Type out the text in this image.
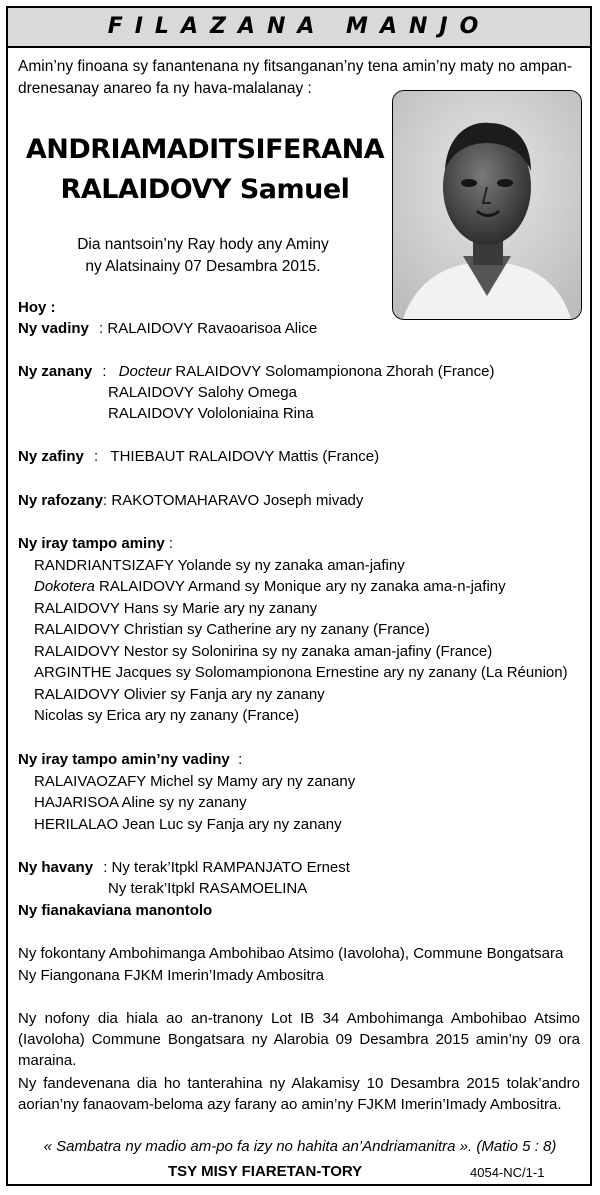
FILAZANA MANJO
Amin’ny finoana sy fanantenana ny fitsanganan’ny tena amin’ny maty no ampan-drenesanay anareo fa ny hava-malalanay :
ANDRIAMADITSIFERANA
RALAIDOVY Samuel
Dia nantsoin’ny Ray hody any Aminy
ny Alatsinainy 07 Desambra 2015.
Hoy :
Ny vadiny : RALAIDOVY Ravaoarisoa Alice
Ny zanany : Docteur RALAIDOVY Solomampionona Zhorah (France)
RALAIDOVY Salohy Omega
RALAIDOVY Vololoniaina Rina
Ny zafiny :   THIEBAUT RALAIDOVY Mattis (France)
Ny rafozany: RAKOTOMAHARAVO Joseph mivady
Ny iray tampo aminy :
RANDRIANTSIZAFY Yolande sy ny zanaka aman-jafiny
Dokotera RALAIDOVY Armand sy Monique ary ny zanaka ama-n-jafiny
RALAIDOVY Hans sy Marie ary ny zanany
RALAIDOVY Christian sy Catherine ary ny zanany (France)
RALAIDOVY Nestor sy Solonirina sy ny zanaka aman-jafiny (France)
ARGINTHE Jacques sy Solomampionona Ernestine ary ny zanany (La Réunion)
RALAIDOVY Olivier sy Fanja ary ny zanany
Nicolas sy Erica ary ny zanany (France)
Ny iray tampo amin’ny vadiny  :
RALAIVAOZAFY Michel sy Mamy ary ny zanany
HAJARISOA Aline sy ny zanany
HERILALAO Jean Luc sy Fanja ary ny zanany
Ny havany : Ny terak’Itpkl RAMPANJATO Ernest
Ny terak’Itpkl RASAMOELINA
Ny fianakaviana manontolo
Ny fokontany Ambohimanga Ambohibao Atsimo (Iavoloha), Commune Bongatsara
Ny Fiangonana FJKM Imerin’Imady Ambositra
Ny nofony dia hiala ao an-tranony Lot IB 34 Ambohimanga Ambohibao Atsimo (Iavoloha) Commune Bongatsara ny Alarobia 09 Desambra 2015 amin’ny 09 ora maraina.
Ny fandevenana dia ho tanterahina ny Alakamisy 10 Desambra 2015 tolak’andro aorian’ny fanaovam-beloma azy farany ao amin’ny FJKM Imerin’Imady Ambositra.
« Sambatra ny madio am-po fa izy no hahita an’Andriamanitra ». (Matio 5 : 8)
TSY MISY FIARETAN-TORY	4054-NC/1-1
